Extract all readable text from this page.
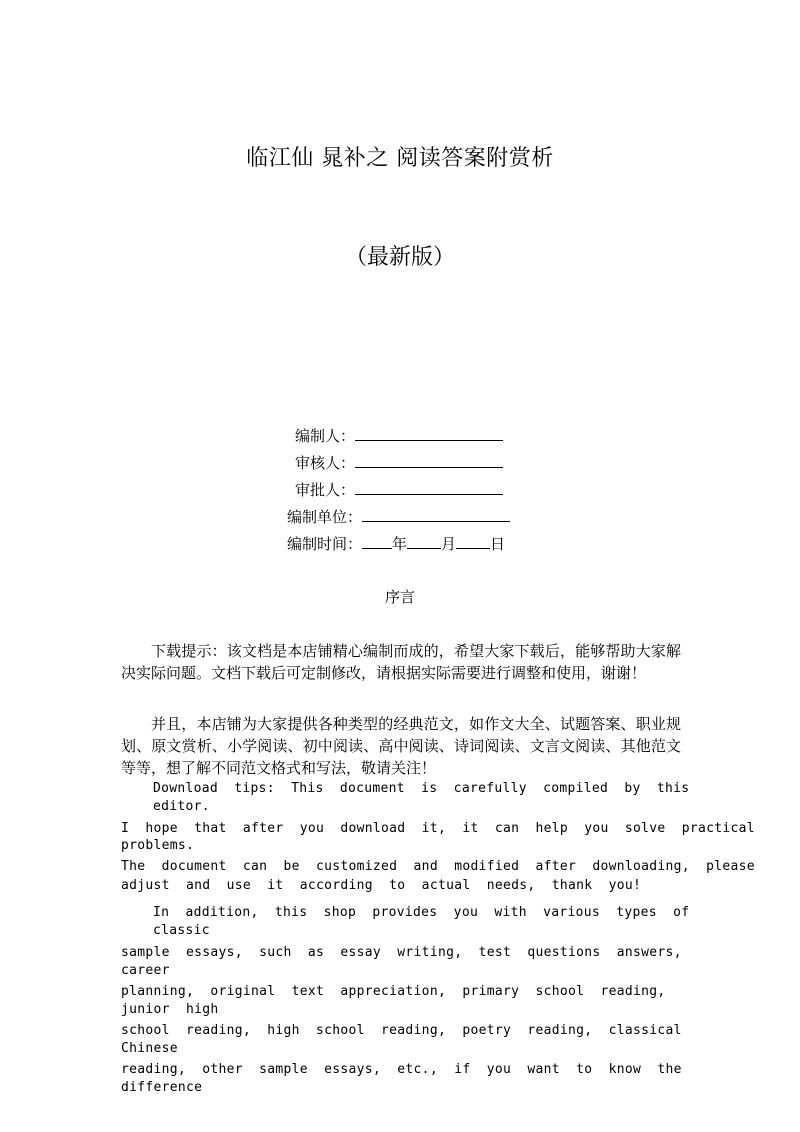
临江仙 晁补之 阅读答案附赏析
（最新版）
编制人：
审核人：
审批人：
编制单位：
编制时间： 年 月 日
序言
下载提示：该文档是本店铺精心编制而成的，希望大家下载后，能够帮助大家解决实际问题。文档下载后可定制修改，请根据实际需要进行调整和使用，谢谢！
并且，本店铺为大家提供各种类型的经典范文，如作文大全、试题答案、职业规划、原文赏析、小学阅读、初中阅读、高中阅读、诗词阅读、文言文阅读、其他范文等等，想了解不同范文格式和写法，敬请关注！
Download  tips:  This  document  is  carefully  compiled  by  this
editor.
I  hope  that  after  you  download  it,  it  can  help  you  solve  practical
problems.
The  document  can  be  customized  and  modified  after  downloading,  please
adjust  and  use  it  according  to  actual  needs,  thank  you!
In  addition,  this  shop  provides  you  with  various  types  of
classic
sample  essays,  such  as  essay  writing,  test  questions  answers,
career
planning,  original  text  appreciation,  primary  school  reading,
junior  high
school  reading,  high  school  reading,  poetry  reading,  classical
Chinese
reading,  other  sample  essays,  etc.,  if  you  want  to  know  the
difference
